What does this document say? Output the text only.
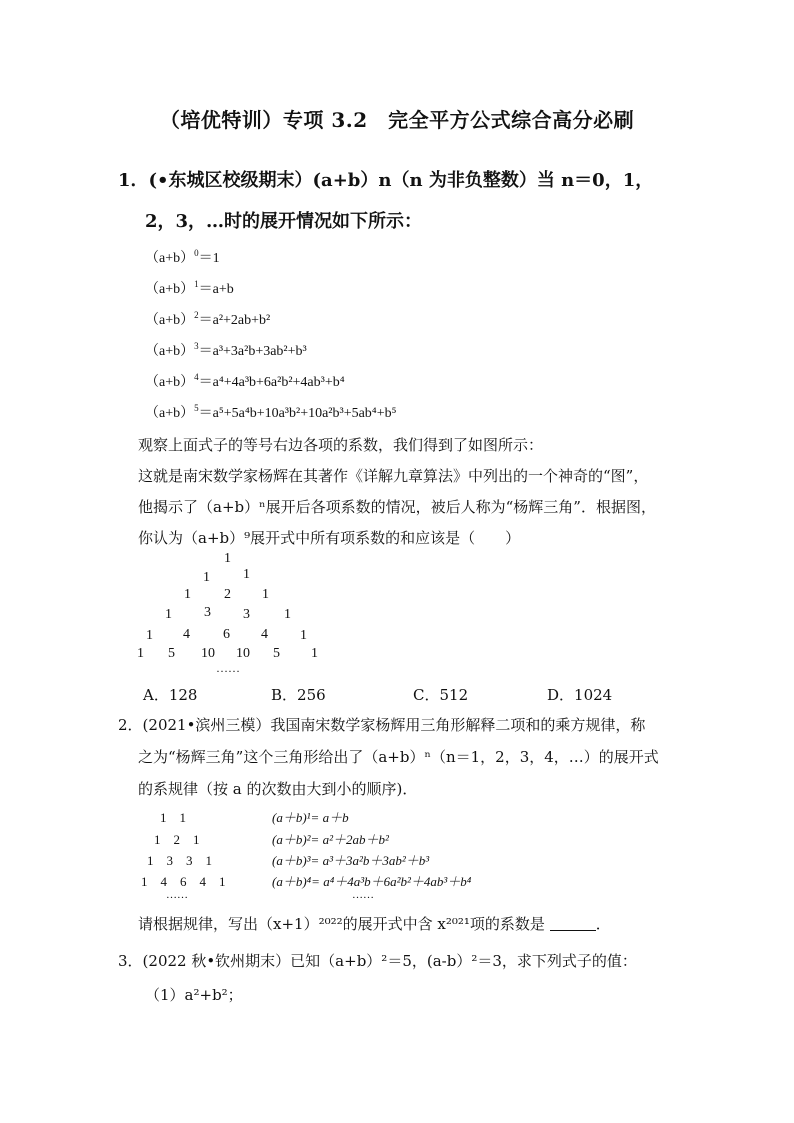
（培优特训）专项 3.2　完全平方公式综合高分必刷
1．(•东城区校级期末）(a+b）n（n 为非负整数）当 n＝0，1，
2，3，…时的展开情况如下所示：
$(a+b)^0=1$
$(a+b)^1=a+b$
$(a+b)^2=a^2+2ab+b^2$
$(a+b)^3=a^3+3a^2b+3ab^2+b^3$
$(a+b)^4=a^4+4a^3b+6a^2b^2+4ab^3+b^4$
$(a+b)^5=a^5+5a^4b+10a^3b^2+10a^2b^3+5ab^4+b^5$
观察上面式子的等号右边各项的系数，我们得到了如图所示：
这就是南宋数学家杨辉在其著作《详解九章算法》中列出的一个神奇的“图”，
他揭示了（a+b）ⁿ展开后各项系数的情况，被后人称为“杨辉三角”．根据图，
你认为（a+b）⁹展开式中所有项系数的和应该是（　　）
1
1 1
1 2 1
1 3 3 1
1 4 6 4 1
1 5 10 10 5 1
……
A．128	B．256	C．512	D．1024
2．(2021•滨州三模）我国南宋数学家杨辉用三角形解释二项和的乘方规律，称
之为“杨辉三角”这个三角形给出了（a+b）ⁿ（n＝1，2，3，4，…）的展开式
的系规律（按 a 的次数由大到小的顺序)．
1　1
1　2　1
1　3　3　1
1　4　6　4　1
……
(a＋b)¹= a＋b
(a＋b)²= a²＋2ab＋b²
(a＋b)³= a³＋3a²b＋3ab²＋b³
(a＋b)⁴= a⁴＋4a³b＋6a²b²＋4ab³＋b⁴
……
请根据规律，写出（x+1）²⁰²²的展开式中含 x²⁰²¹项的系数是	．
3．(2022 秋•钦州期末）已知（a+b）²＝5，(a-b）²＝3，求下列式子的值：
（1）a²+b²；
